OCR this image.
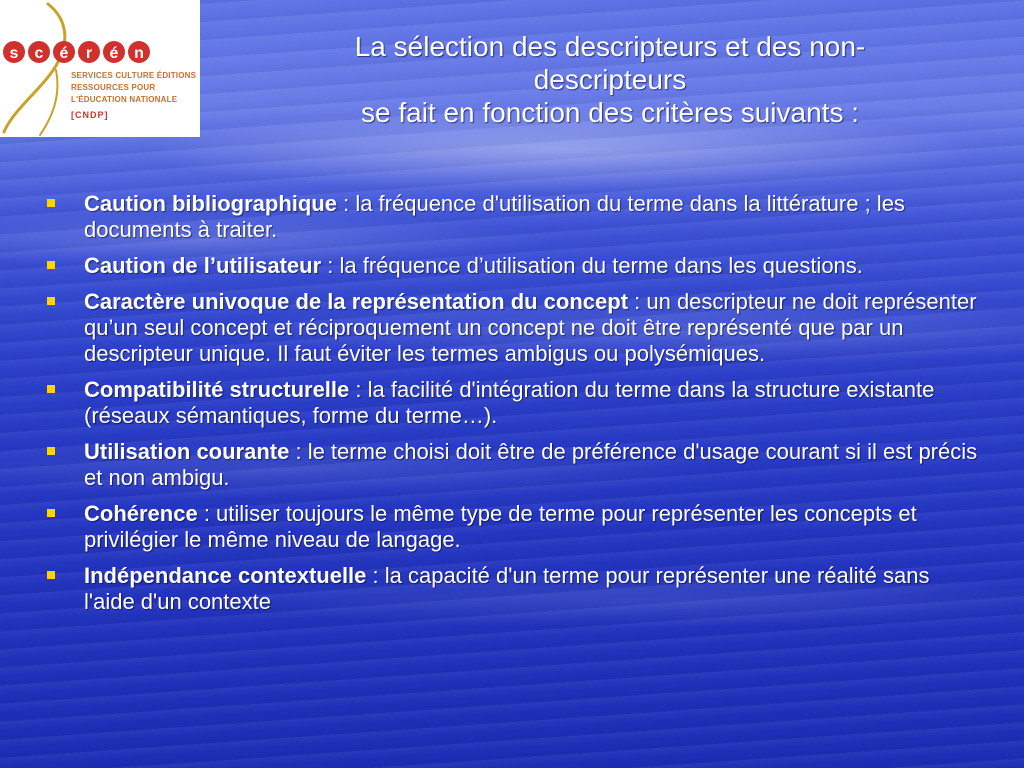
s c é r é n
SERVICES CULTURE ÉDITIONS
RESSOURCES POUR
L'ÉDUCATION NATIONALE
[CNDP]
La sélection des descripteurs et des non-
descripteurs
se fait en fonction des critères suivants :
Caution bibliographique : la fréquence d'utilisation du terme dans la littérature ; les documents à traiter.
Caution de l’utilisateur : la fréquence d’utilisation du terme dans les questions.
Caractère univoque de la représentation du concept : un descripteur ne doit représenter qu’un seul concept et réciproquement un concept ne doit être représenté que par un descripteur unique. Il faut éviter les termes ambigus ou polysémiques.
Compatibilité structurelle : la facilité d'intégration du terme dans la structure existante (réseaux sémantiques, forme du terme…).
Utilisation courante : le terme choisi doit être de préférence d'usage courant si il est précis et non ambigu.
Cohérence : utiliser toujours le même type de terme pour représenter les concepts et privilégier le même niveau de langage.
Indépendance contextuelle : la capacité d'un terme pour représenter une réalité sans l'aide d'un contexte
